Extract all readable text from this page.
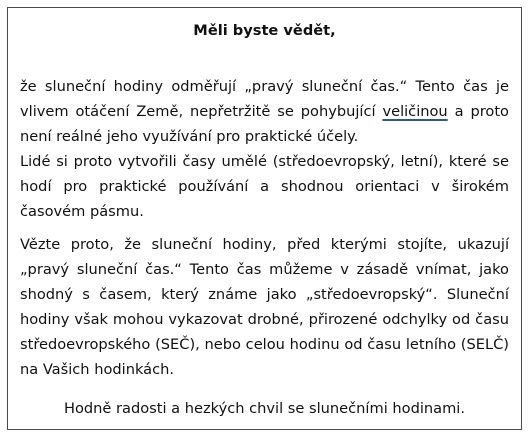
Měli byste vědět,

že sluneční hodiny odměřují „pravý sluneční čas.“ Tento čas je vlivem otáčení Země, nepřetržitě se pohybující veličinou a proto není reálné jeho využívání pro praktické účely.

Lidé si proto vytvořili časy umělé (středoevropský, letní), které se hodí pro praktické používání a shodnou orientaci v širokém časovém pásmu.

Vězte proto, že sluneční hodiny, před kterými stojíte, ukazují „pravý sluneční čas.“ Tento čas můžeme v zásadě vnímat, jako shodný s časem, který známe jako „středoevropský“. Sluneční hodiny však mohou vykazovat drobné, přirozené odchylky od času středoevropského (SEČ), nebo celou hodinu od času letního (SELČ) na Vašich hodinkách.

Hodně radosti a hezkých chvil se slunečními hodinami.
